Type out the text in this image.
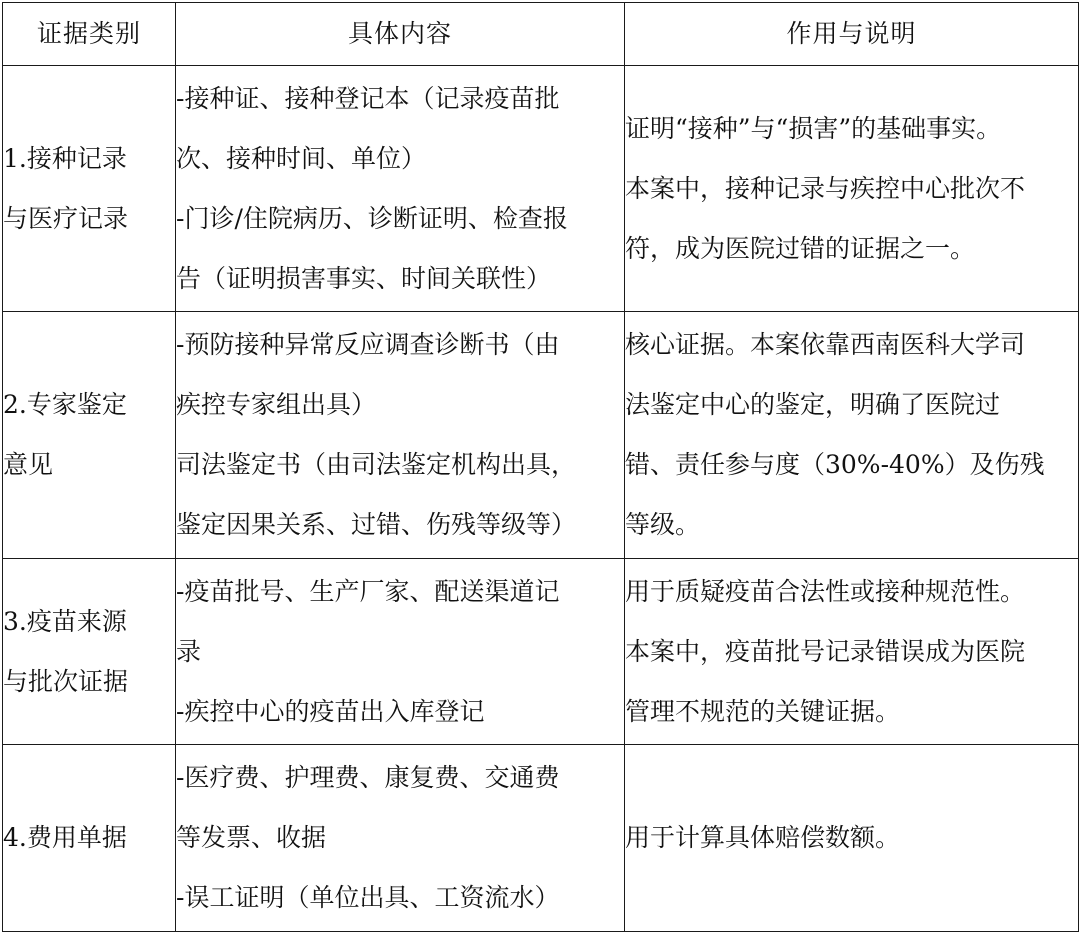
证据类别	具体内容	作用与说明

1.接种记录
与医疗记录	-接种证、接种登记本（记录疫苗批
次、接种时间、单位）
-门诊/住院病历、诊断证明、检查报
告（证明损害事实、时间关联性）	证明“接种”与“损害”的基础事实。
本案中，接种记录与疾控中心批次不
符，成为医院过错的证据之一。

2.专家鉴定
意见	-预防接种异常反应调查诊断书（由
疾控专家组出具）
司法鉴定书（由司法鉴定机构出具，
鉴定因果关系、过错、伤残等级等）	核心证据。本案依靠西南医科大学司
法鉴定中心的鉴定，明确了医院过
错、责任参与度（30%-40%）及伤残
等级。

3.疫苗来源
与批次证据	-疫苗批号、生产厂家、配送渠道记
录
-疾控中心的疫苗出入库登记	用于质疑疫苗合法性或接种规范性。
本案中，疫苗批号记录错误成为医院
管理不规范的关键证据。

4.费用单据	-医疗费、护理费、康复费、交通费
等发票、收据
-误工证明（单位出具、工资流水）	用于计算具体赔偿数额。
